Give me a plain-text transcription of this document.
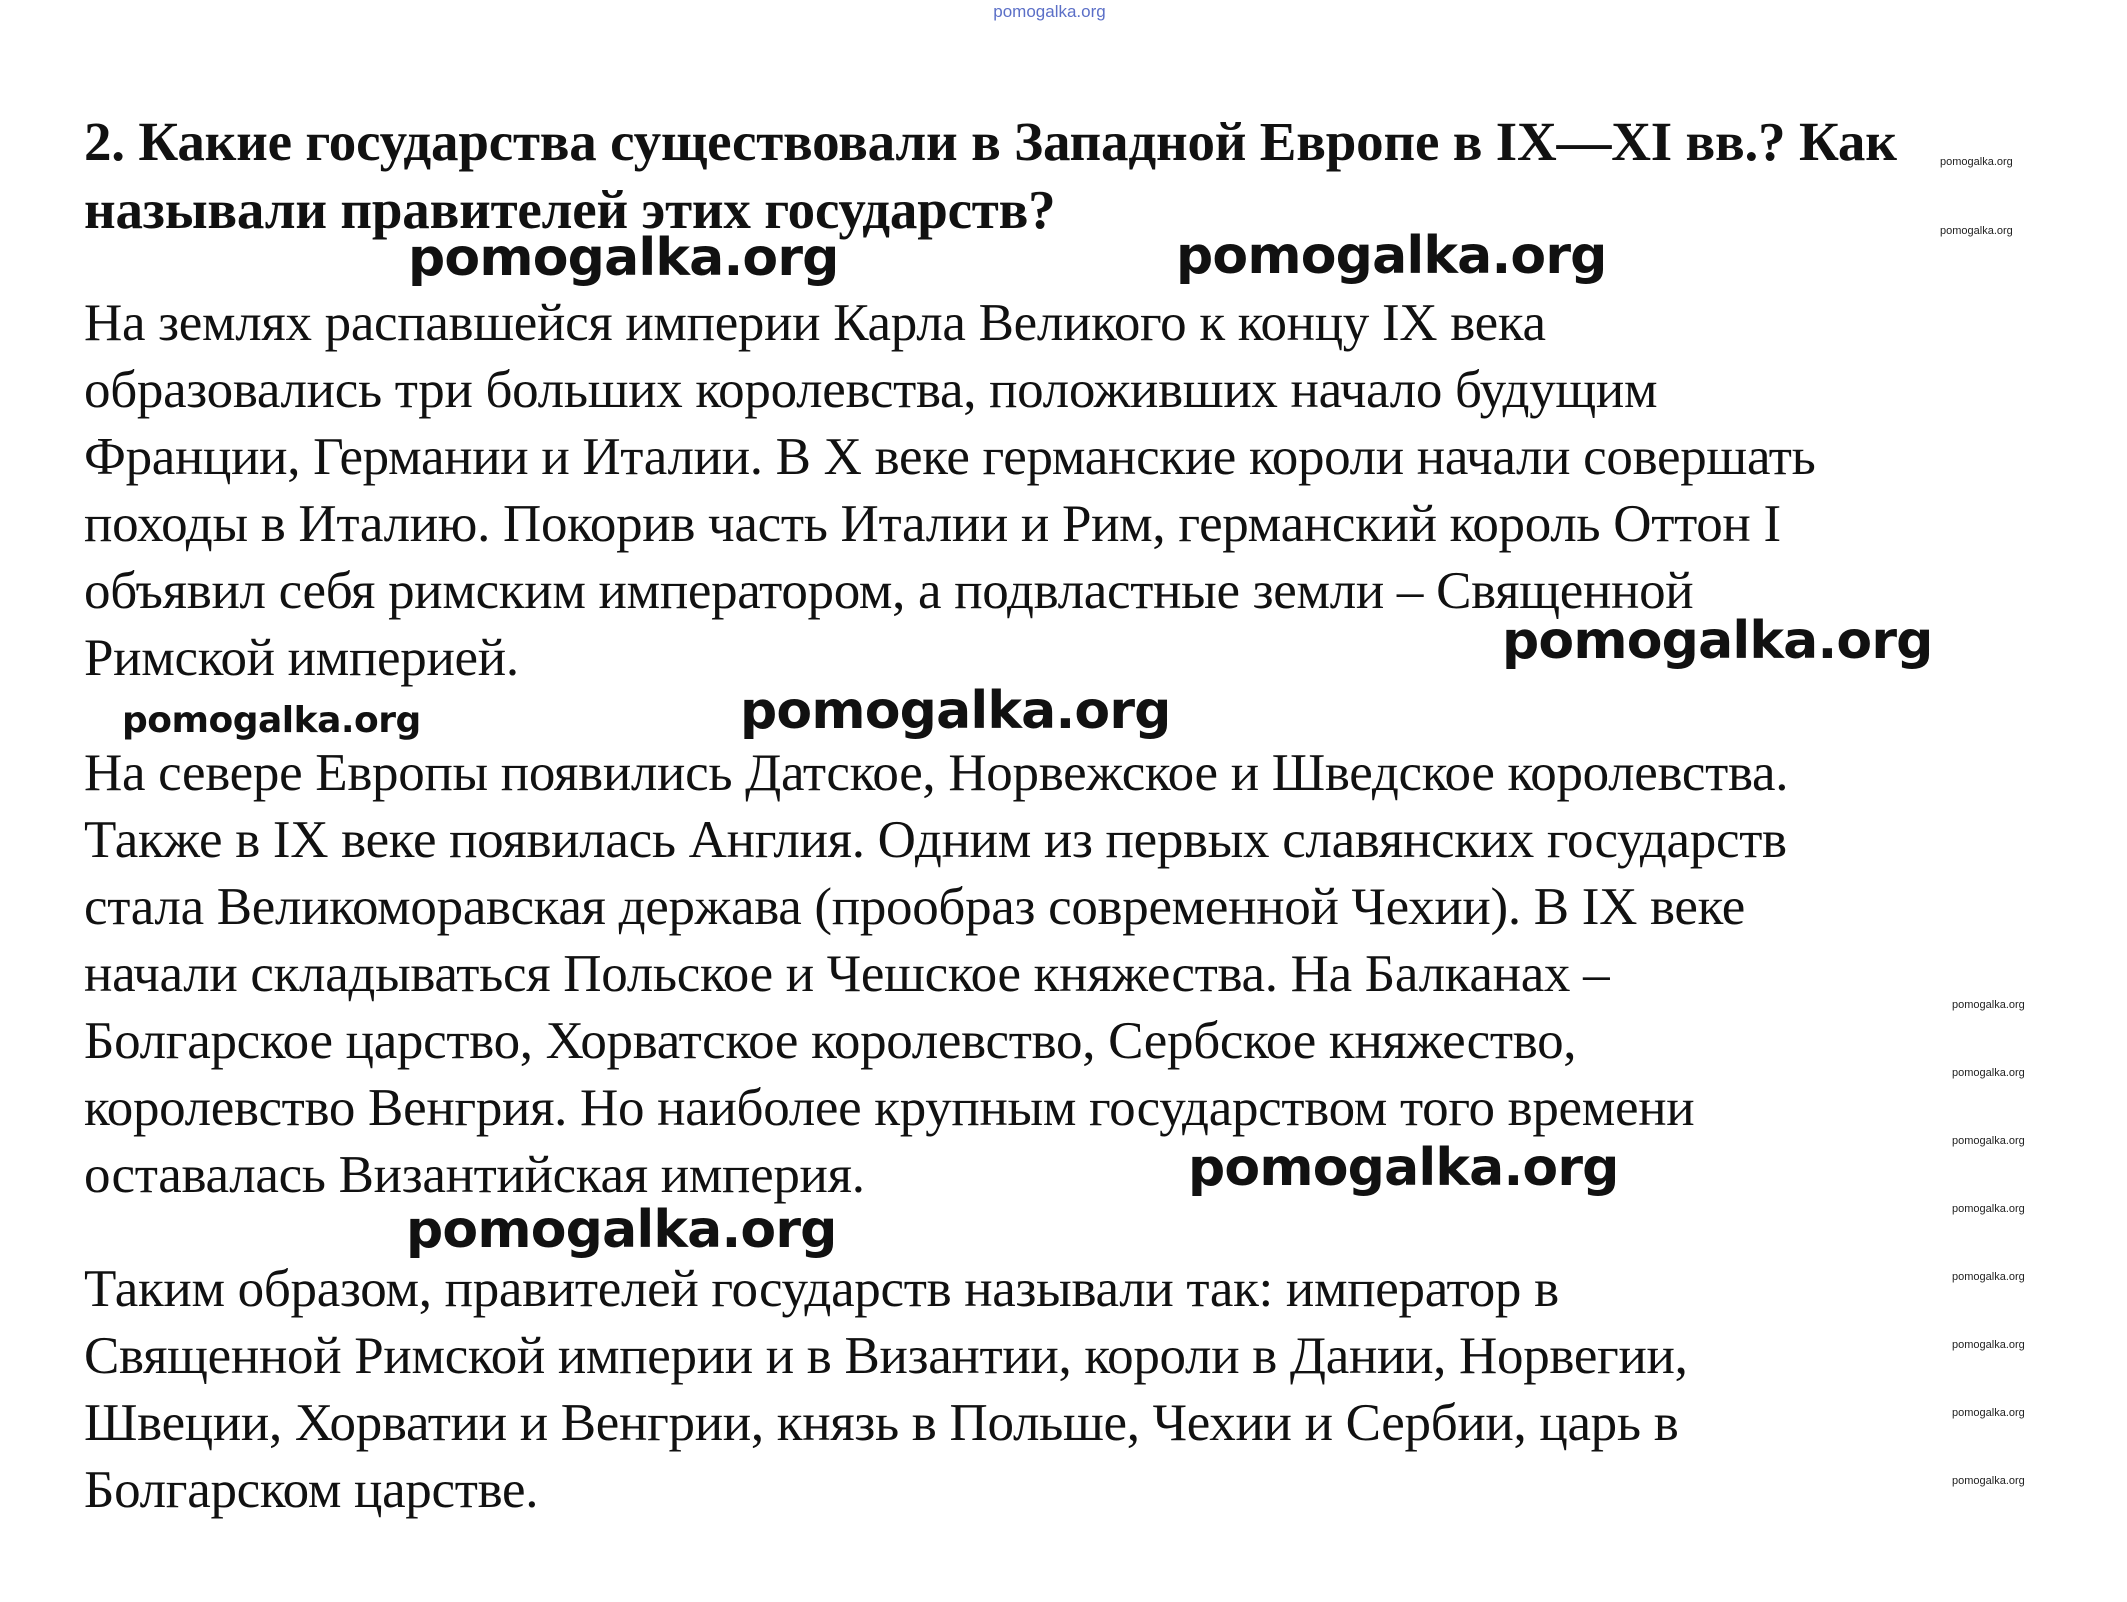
pomogalka.org
2. Какие государства существовали в Западной Европе в IX—XI вв.? Как называли правителей этих государств?
На землях распавшейся империи Карла Великого к концу IX века
образовались три больших королевства, положивших начало будущим
Франции, Германии и Италии. В X веке германские короли начали совершать
походы в Италию. Покорив часть Италии и Рим, германский король Оттон I
объявил себя римским императором, а подвластные земли – Священной
Римской империей.
На севере Европы появились Датское, Норвежское и Шведское королевства.
Также в IX веке появилась Англия. Одним из первых славянских государств
стала Великоморавская держава (прообраз современной Чехии). В IX веке
начали складываться Польское и Чешское княжества. На Балканах –
Болгарское царство, Хорватское королевство, Сербское княжество,
королевство Венгрия. Но наиболее крупным государством того времени
оставалась Византийская империя.
Таким образом, правителей государств называли так: император в
Священной Римской империи и в Византии, короли в Дании, Норвегии,
Швеции, Хорватии и Венгрии, князь в Польше, Чехии и Сербии, царь в
Болгарском царстве.
pomogalka.org	pomogalka.org
pomogalka.org
pomogalka.org
pomogalka.org
pomogalka.org
pomogalka.org
pomogalka.org
pomogalka.org
pomogalka.org
pomogalka.org
pomogalka.org
pomogalka.org
pomogalka.org
pomogalka.org
pomogalka.org
pomogalka.org
